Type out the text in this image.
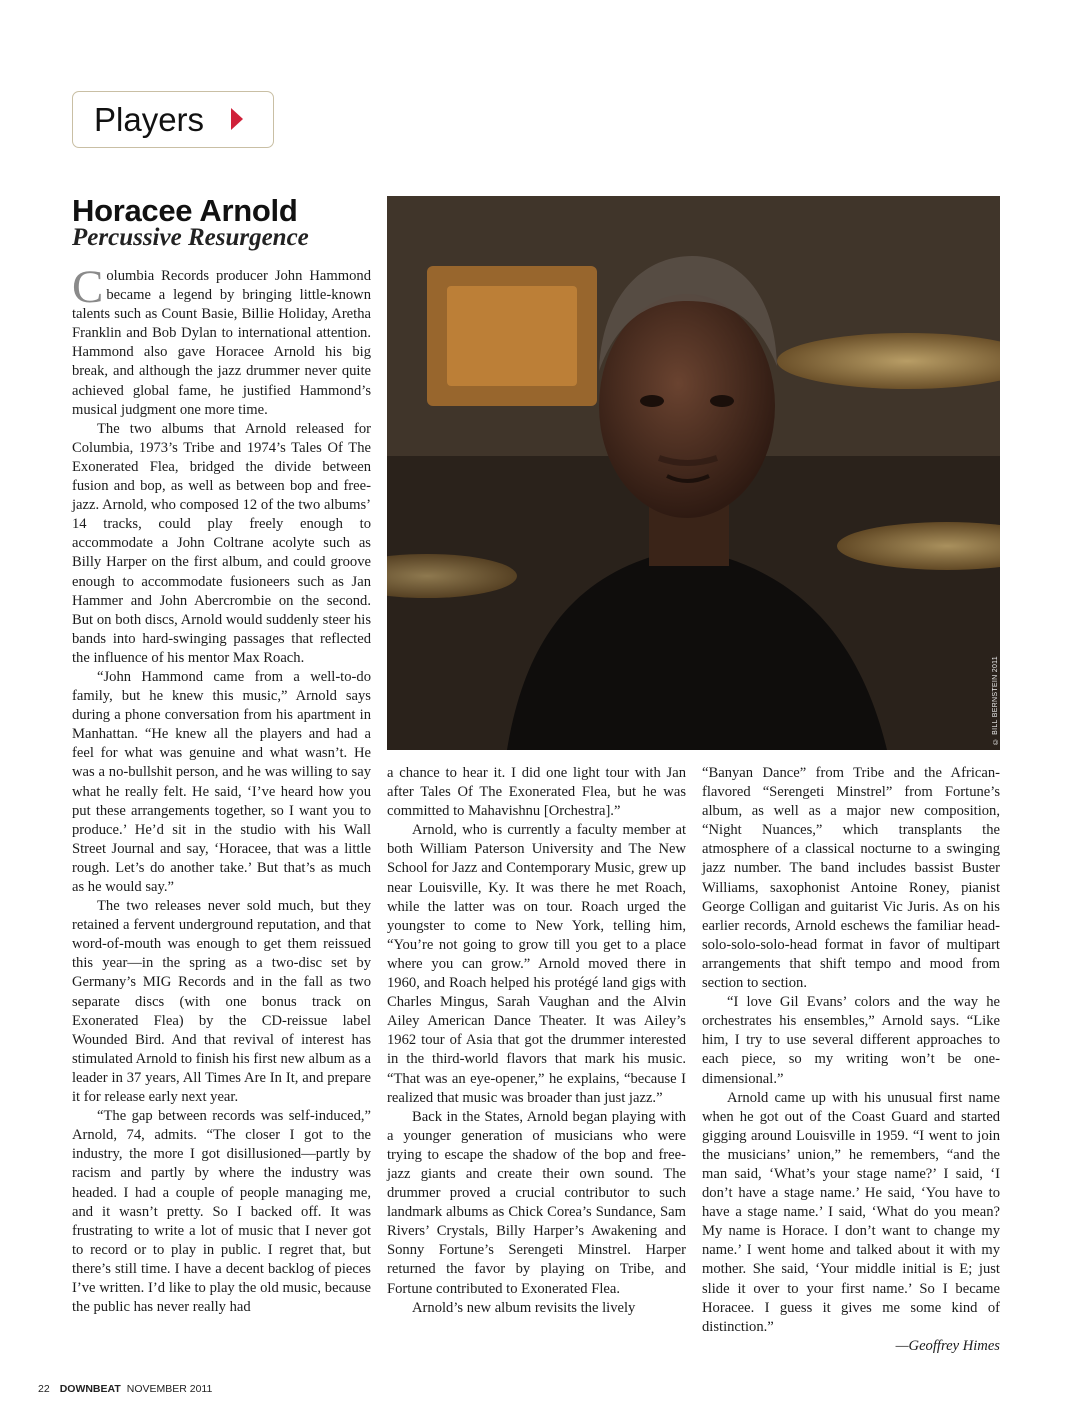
Players
Horacee Arnold
Percussive Resurgence

Columbia Records producer John Hammond became a legend by bringing little-known talents such as Count Basie, Billie Holiday, Aretha Franklin and Bob Dylan to international attention. Hammond also gave Horacee Arnold his big break, and although the jazz drummer never quite achieved global fame, he justified Hammond’s musical judgment one more time.

The two albums that Arnold released for Columbia, 1973’s Tribe and 1974’s Tales Of The Exonerated Flea, bridged the divide between fusion and bop, as well as between bop and free-jazz. Arnold, who composed 12 of the two albums’ 14 tracks, could play freely enough to accommodate a John Coltrane acolyte such as Billy Harper on the first album, and could groove enough to accommodate fusioneers such as Jan Hammer and John Abercrombie on the second. But on both discs, Arnold would suddenly steer his bands into hard-swinging passages that reflected the influence of his mentor Max Roach.

“John Hammond came from a well-to-do family, but he knew this music,” Arnold says during a phone conversation from his apartment in Manhattan. “He knew all the players and had a feel for what was genuine and what wasn’t. He was a no-bullshit person, and he was willing to say what he really felt. He said, ‘I’ve heard how you put these arrangements together, so I want you to produce.’ He’d sit in the studio with his Wall Street Journal and say, ‘Horacee, that was a little rough. Let’s do another take.’ But that’s as much as he would say.”

The two releases never sold much, but they retained a fervent underground reputation, and that word-of-mouth was enough to get them reissued this year—in the spring as a two-disc set by Germany’s MIG Records and in the fall as two separate discs (with one bonus track on Exonerated Flea) by the CD-reissue label Wounded Bird. And that revival of interest has stimulated Arnold to finish his first new album as a leader in 37 years, All Times Are In It, and prepare it for release early next year.

“The gap between records was self-induced,” Arnold, 74, admits. “The closer I got to the industry, the more I got disillusioned—partly by racism and partly by where the industry was headed. I had a couple of people managing me, and it wasn’t pretty. So I backed off. It was frustrating to write a lot of music that I never got to record or to play in public. I regret that, but there’s still time. I have a decent backlog of pieces I’ve written. I’d like to play the old music, because the public has never really had

© BILL BERNSTEIN 2011

a chance to hear it. I did one light tour with Jan after Tales Of The Exonerated Flea, but he was committed to Mahavishnu [Orchestra].”

Arnold, who is currently a faculty member at both William Paterson University and The New School for Jazz and Contemporary Music, grew up near Louisville, Ky. It was there he met Roach, while the latter was on tour. Roach urged the youngster to come to New York, telling him, “You’re not going to grow till you get to a place where you can grow.” Arnold moved there in 1960, and Roach helped his protégé land gigs with Charles Mingus, Sarah Vaughan and the Alvin Ailey American Dance Theater. It was Ailey’s 1962 tour of Asia that got the drummer interested in the third-world flavors that mark his music. “That was an eye-opener,” he explains, “because I realized that music was broader than just jazz.”

Back in the States, Arnold began playing with a younger generation of musicians who were trying to escape the shadow of the bop and free-jazz giants and create their own sound. The drummer proved a crucial contributor to such landmark albums as Chick Corea’s Sundance, Sam Rivers’ Crystals, Billy Harper’s Awakening and Sonny Fortune’s Serengeti Minstrel. Harper returned the favor by playing on Tribe, and Fortune contributed to Exonerated Flea.

Arnold’s new album revisits the lively

“Banyan Dance” from Tribe and the African-flavored “Serengeti Minstrel” from Fortune’s album, as well as a major new composition, “Night Nuances,” which transplants the atmosphere of a classical nocturne to a swinging jazz number. The band includes bassist Buster Williams, saxophonist Antoine Roney, pianist George Colligan and guitarist Vic Juris. As on his earlier records, Arnold eschews the familiar head-solo-solo-solo-head format in favor of multipart arrangements that shift tempo and mood from section to section.

“I love Gil Evans’ colors and the way he orchestrates his ensembles,” Arnold says. “Like him, I try to use several different approaches to each piece, so my writing won’t be one-dimensional.”

Arnold came up with his unusual first name when he got out of the Coast Guard and started gigging around Louisville in 1959. “I went to join the musicians’ union,” he remembers, “and the man said, ‘What’s your stage name?’ I said, ‘I don’t have a stage name.’ He said, ‘You have to have a stage name.’ I said, ‘What do you mean? My name is Horace. I don’t want to change my name.’ I went home and talked about it with my mother. She said, ‘Your middle initial is E; just slide it over to your first name.’ So I became Horacee. I guess it gives me some kind of distinction.”

—Geoffrey Himes

22 DOWNBEAT NOVEMBER 2011
